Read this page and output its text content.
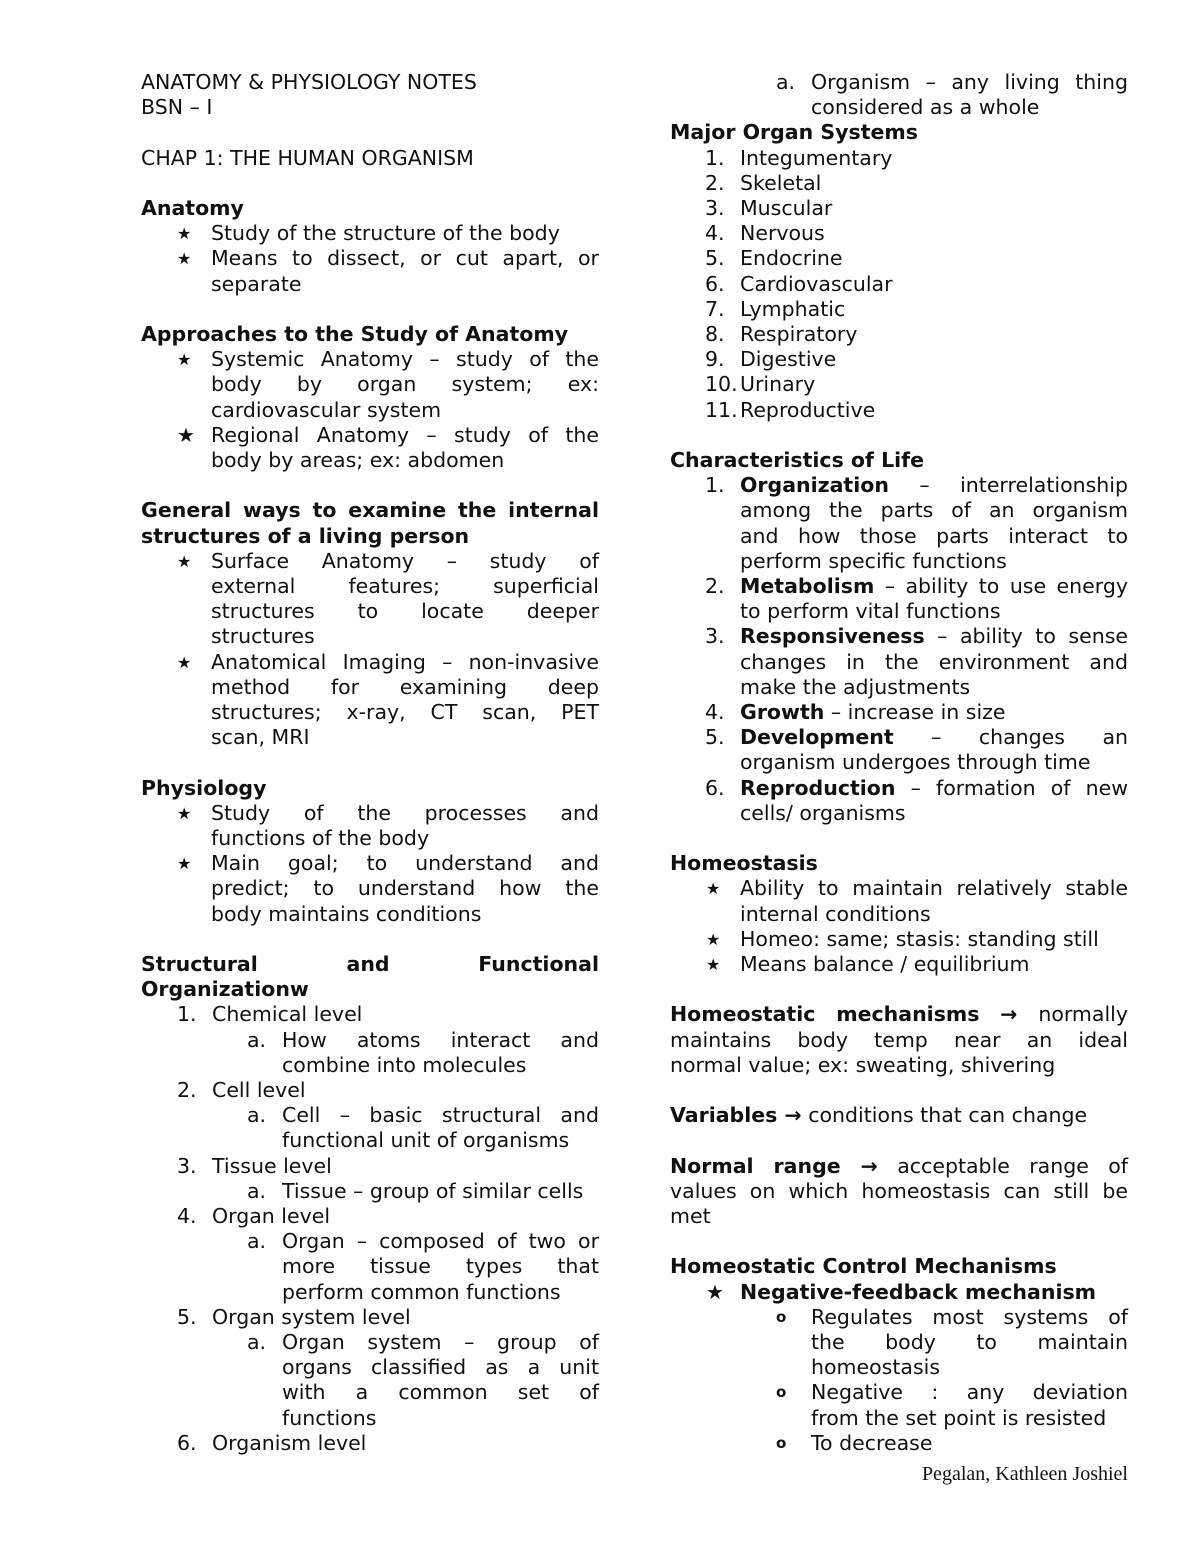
ANATOMY & PHYSIOLOGY NOTES
BSN – I
CHAP 1: THE HUMAN ORGANISM
Anatomy
★ Study of the structure of the body
★ Means to dissect, or cut apart, or
separate
Approaches to the Study of Anatomy
★ Systemic Anatomy – study of the
body by organ system; ex:
cardiovascular system
★ Regional Anatomy – study of the
body by areas; ex: abdomen
General ways to examine the internal
structures of a living person
★ Surface Anatomy – study of
external features; superficial
structures to locate deeper
structures
★ Anatomical Imaging – non-invasive
method for examining deep
structures; x-ray, CT scan, PET
scan, MRI
Physiology
★ Study of the processes and
functions of the body
★ Main goal; to understand and
predict; to understand how the
body maintains conditions
Structural and Functional
Organizationw
1. Chemical level
a. How atoms interact and
combine into molecules
2. Cell level
a. Cell – basic structural and
functional unit of organisms
3. Tissue level
a. Tissue – group of similar cells
4. Organ level
a. Organ – composed of two or
more tissue types that
perform common functions
5. Organ system level
a. Organ system – group of
organs classified as a unit
with a common set of
functions
6. Organism level
a. Organism – any living thing
considered as a whole
Major Organ Systems
1. Integumentary
2. Skeletal
3. Muscular
4. Nervous
5. Endocrine
6. Cardiovascular
7. Lymphatic
8. Respiratory
9. Digestive
10. Urinary
11. Reproductive
Characteristics of Life
1. Organization – interrelationship
among the parts of an organism
and how those parts interact to
perform specific functions
2. Metabolism – ability to use energy
to perform vital functions
3. Responsiveness – ability to sense
changes in the environment and
make the adjustments
4. Growth – increase in size
5. Development – changes an
organism undergoes through time
6. Reproduction – formation of new
cells/ organisms
Homeostasis
★ Ability to maintain relatively stable
internal conditions
★ Homeo: same; stasis: standing still
★ Means balance / equilibrium
Homeostatic mechanisms → normally
maintains body temp near an ideal
normal value; ex: sweating, shivering
Variables → conditions that can change
Normal range → acceptable range of
values on which homeostasis can still be
met
Homeostatic Control Mechanisms
★ Negative-feedback mechanism
o	Regulates most systems of
the body to maintain
homeostasis
o	Negative : any deviation
from the set point is resisted
o	To decrease
Pegalan, Kathleen Joshiel
